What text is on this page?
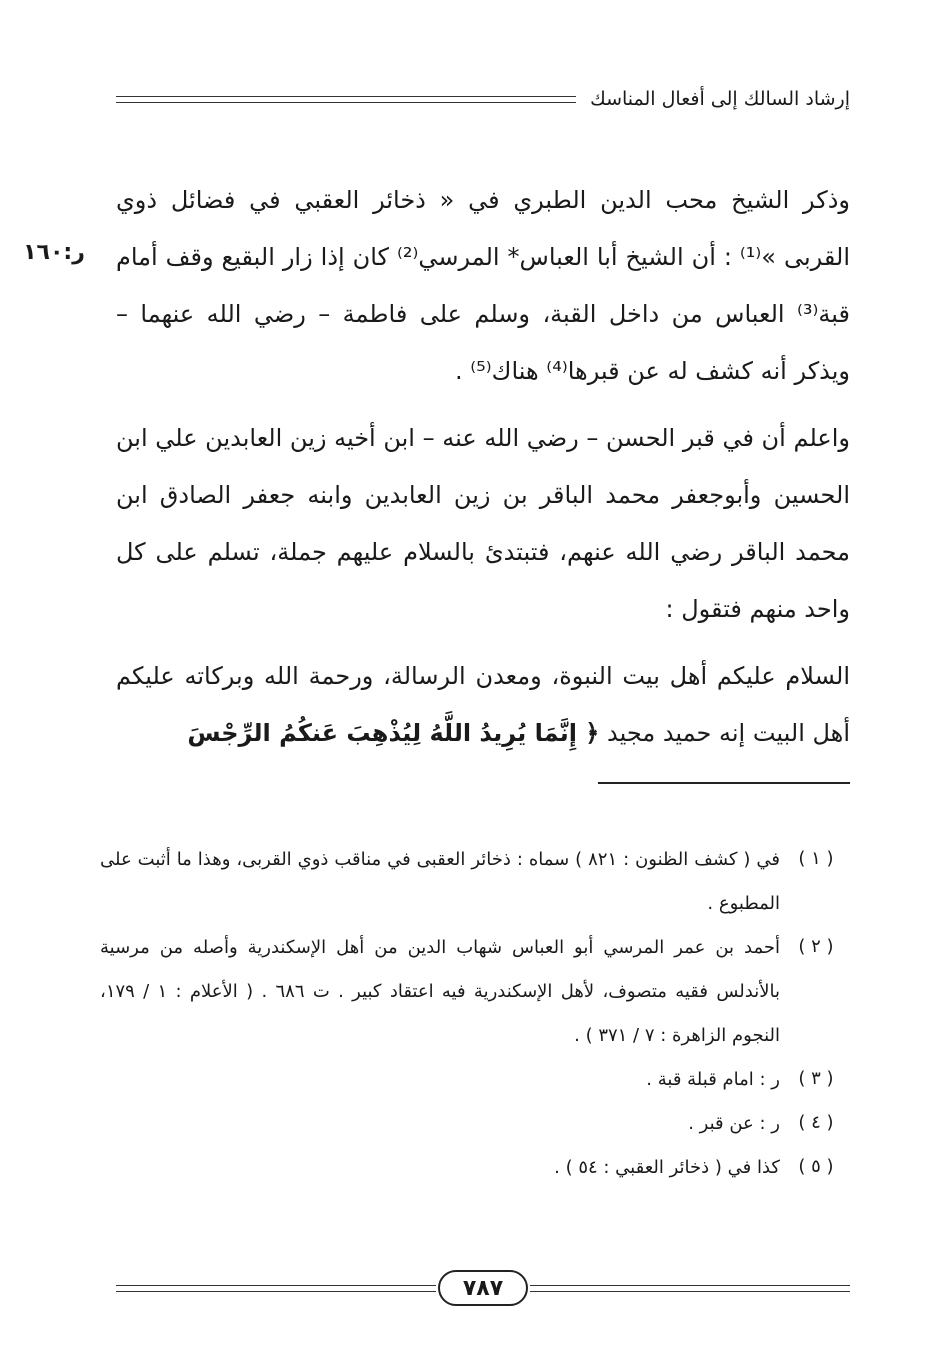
إرشاد السالك إلى أفعال المناسك
ر:١٦٠

وذكر الشيخ محب الدين الطبري في « ذخائر العقبي في فضائل ذوي القربى »⁽¹⁾ : أن الشيخ أبا العباس* المرسي⁽²⁾ كان إذا زار البقيع وقف أمام قبة⁽³⁾ العباس من داخل القبة، وسلم على فاطمة – رضي الله عنهما – ويذكر أنه كشف له عن قبرها⁽⁴⁾ هناك⁽⁵⁾ .

واعلم أن في قبر الحسن – رضي الله عنه – ابن أخيه زين العابدين علي ابن الحسين وأبوجعفر محمد الباقر بن زين العابدين وابنه جعفر الصادق ابن محمد الباقر رضي الله عنهم، فتبتدئ بالسلام عليهم جملة، تسلم على كل واحد منهم فتقول :

السلام عليكم أهل بيت النبوة، ومعدن الرسالة، ورحمة الله وبركاته عليكم أهل البيت إنه حميد مجيد ﴿ إِنَّمَا يُرِيدُ اللَّهُ لِيُذْهِبَ عَنكُمُ الرِّجْسَ

( ١ )
في ( كشف الظنون : ٨٢١ ) سماه : ذخائر العقبى في مناقب ذوي القربى، وهذا ما أثبت على المطبوع .
( ٢ )
أحمد بن عمر المرسي أبو العباس شهاب الدين من أهل الإسكندرية وأصله من مرسية بالأندلس فقيه متصوف، لأهل الإسكندرية فيه اعتقاد كبير . ت ٦٨٦ . ( الأعلام : ١ / ١٧٩، النجوم الزاهرة : ٧ / ٣٧١ ) .
( ٣ )
ر : امام قبلة قبة .
( ٤ )
ر : عن قبر .
( ٥ )
كذا في ( ذخائر العقبي : ٥٤ ) .
٧٨٧
